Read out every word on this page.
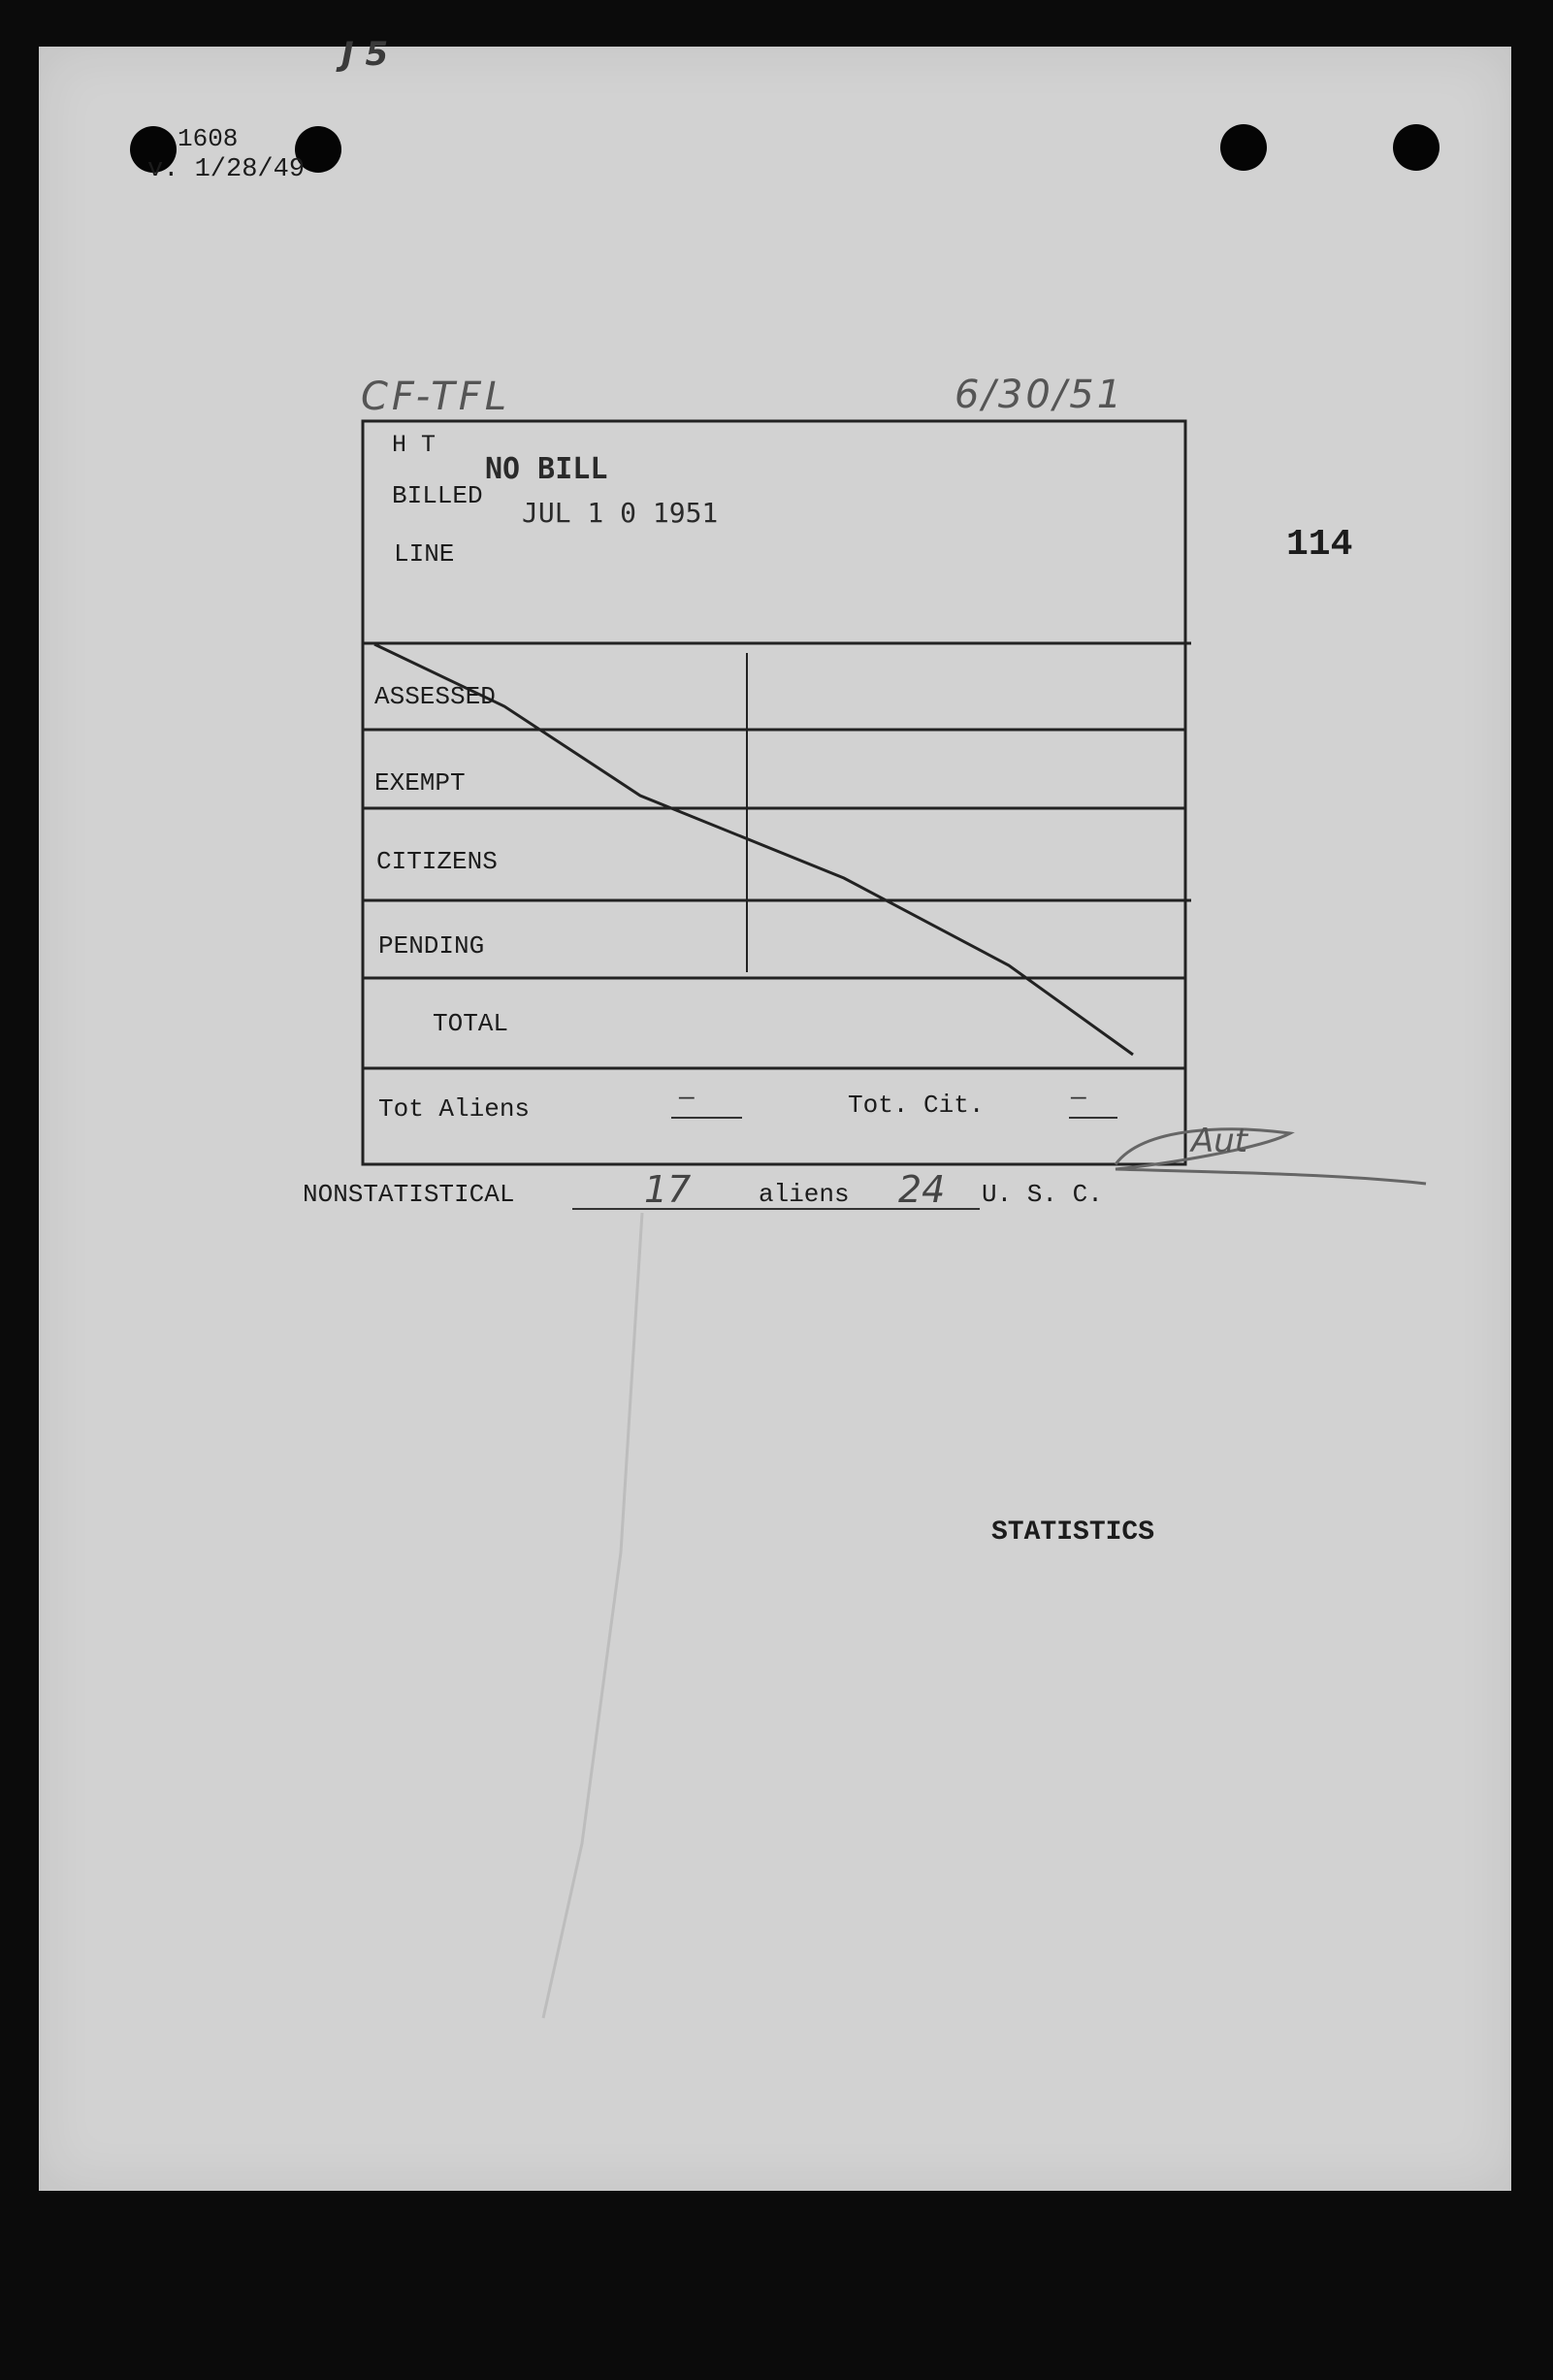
J 5
1608
v. 1/28/49
CF-TFL	6/30/51
114
H T
BILLED
LINE
NO BILL
JUL 1 0 1951
ASSESSED
EXEMPT
CITIZENS
PENDING
TOTAL
Tot Aliens	—	Tot. Cit.	—
Aut
NONSTATISTICAL	17	aliens 24 U. S. C.
STATISTICS
